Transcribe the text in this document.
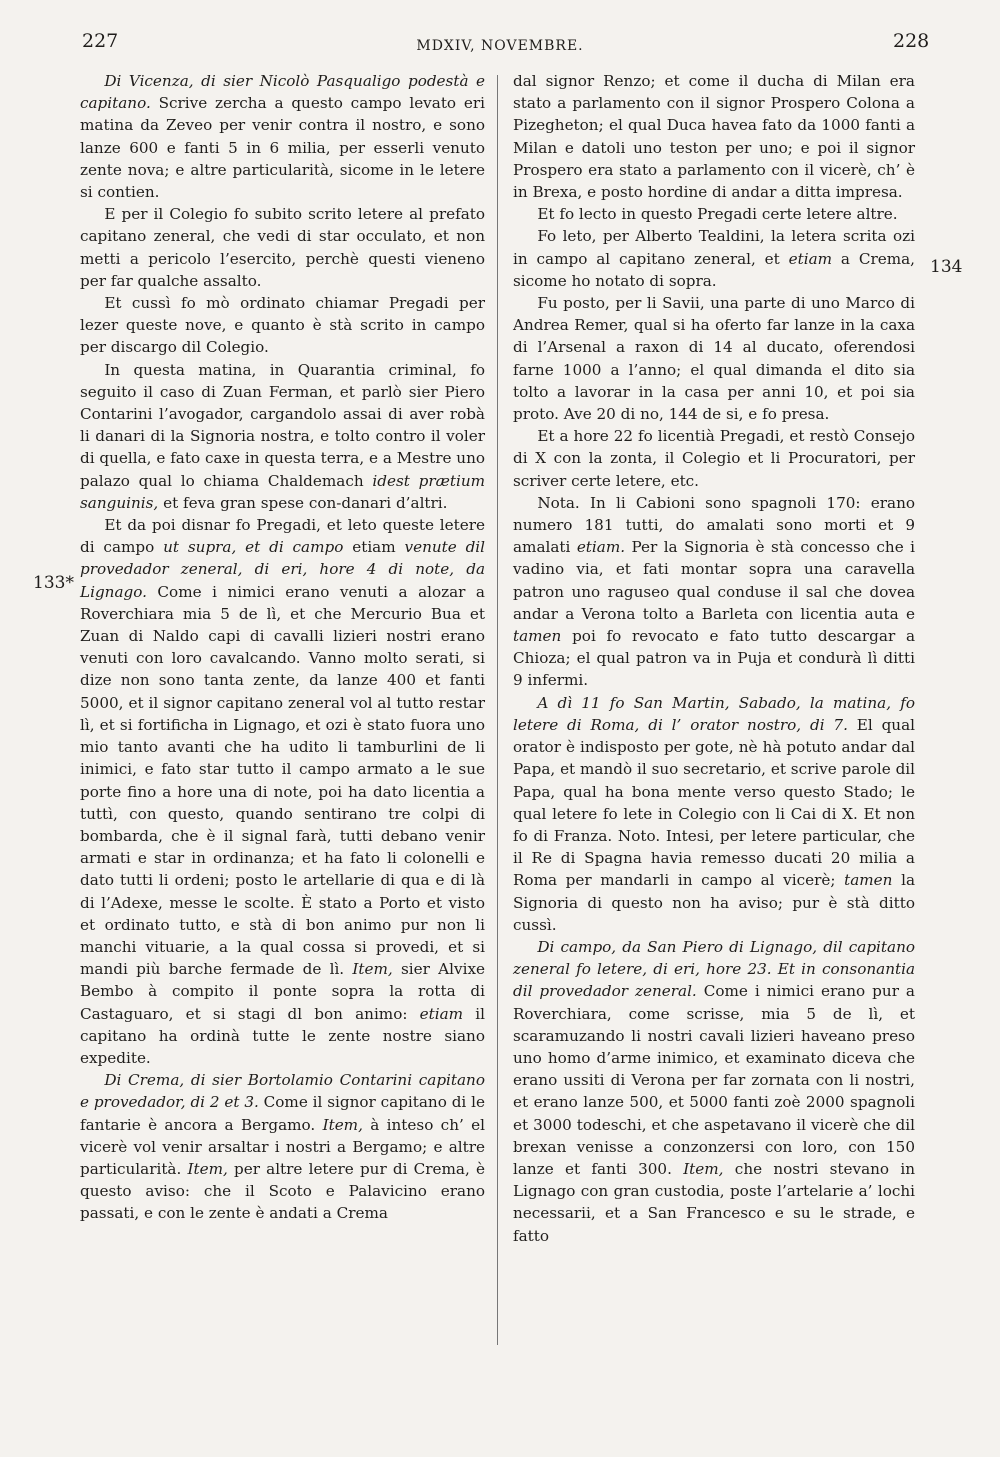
227	MDXIV, NOVEMBRE.	228
133*
134

Di Vicenza, di sier Nicolò Pasqualigo podestà e capitano. Scrive zercha a questo campo levato eri matina da Zeveo per venir contra il nostro, e sono lanze 600 e fanti 5 in 6 milia, per esserli venuto zente nova; e altre particularità, sicome in le letere si contien.

E per il Colegio fo subito scrito letere al prefato capitano zeneral, che vedi di star occulato, et non metti a pericolo l’esercito, perchè questi vieneno per far qualche assalto.

Et cussì fo mò ordinato chiamar Pregadi per lezer queste nove, e quanto è stà scrito in campo per discargo dil Colegio.

In questa matina, in Quarantia criminal, fo seguito il caso di Zuan Ferman, et parlò sier Piero Contarini l’avogador, cargandolo assai di aver robà li danari di la Signoria nostra, e tolto contro il voler di quella, e fato caxe in questa terra, e a Mestre uno palazo qual lo chiama Chaldemach idest prætium sanguinis, et feva gran spese con-danari d’altri.

Et da poi disnar fo Pregadi, et leto queste letere di campo ut supra, et di campo etiam venute dil provedador zeneral, di eri, hore 4 di note, da Lignago. Come i nimici erano venuti a alozar a Roverchiara mia 5 de lì, et che Mercurio Bua et Zuan di Naldo capi di cavalli lizieri nostri erano venuti con loro cavalcando. Vanno molto serati, si dize non sono tanta zente, da lanze 400 et fanti 5000, et il signor capitano zeneral vol al tutto restar lì, et si fortificha in Lignago, et ozi è stato fuora uno mio tanto avanti che ha udito li tamburlini de li inimici, e fato star tutto il campo armato a le sue porte fino a hore una di note, poi ha dato licentia a tuttì, con questo, quando sentirano tre colpi di bombarda, che è il signal farà, tutti debano venir armati e star in ordinanza; et ha fato li colonelli e dato tutti li ordeni; posto le artellarie di qua e di là di l’Adexe, messe le scolte. È stato a Porto et visto et ordinato tutto, e stà di bon animo pur non li manchi vituarie, a la qual cossa si provedi, et si mandi più barche fermade de lì. Item, sier Alvixe Bembo à compito il ponte sopra la rotta di Castaguaro, et si stagi dl bon animo: etiam il capitano ha ordinà tutte le zente nostre siano expedite.

Di Crema, di sier Bortolamio Contarini capitano e provedador, di 2 et 3. Come il signor capitano di le fantarie è ancora a Bergamo. Item, à inteso ch’ el vicerè vol venir arsaltar i nostri a Bergamo; e altre particularità. Item, per altre letere pur di Crema, è questo aviso: che il Scoto e Palavicino erano passati, e con le zente è andati a Crema

dal signor Renzo; et come il ducha di Milan era stato a parlamento con il signor Prospero Colona a Pizegheton; el qual Duca havea fato da 1000 fanti a Milan e datoli uno teston per uno; e poi il signor Prospero era stato a parlamento con il vicerè, ch’ è in Brexa, e posto hordine di andar a ditta impresa.

Et fo lecto in questo Pregadi certe letere altre.

Fo leto, per Alberto Tealdini, la letera scrita ozi in campo al capitano zeneral, et etiam a Crema, sicome ho notato di sopra.

Fu posto, per li Savii, una parte di uno Marco di Andrea Remer, qual si ha oferto far lanze in la caxa di l’Arsenal a raxon di 14 al ducato, oferendosi farne 1000 a l’anno; el qual dimanda el dito sia tolto a lavorar in la casa per anni 10, et poi sia proto. Ave 20 di no, 144 de si, e fo presa.

Et a hore 22 fo licentià Pregadi, et restò Consejo di X con la zonta, il Colegio et li Procuratori, per scriver certe letere, etc.

Nota. In li Cabioni sono spagnoli 170: erano numero 181 tutti, do amalati sono morti et 9 amalati etiam. Per la Signoria è stà concesso che i vadino via, et fati montar sopra una caravella patron uno raguseo qual conduse il sal che dovea andar a Verona tolto a Barleta con licentia auta e tamen poi fo revocato e fato tutto descargar a Chioza; el qual patron va in Puja et condurà lì ditti 9 infermi.

A dì 11 fo San Martin, Sabado, la matina, fo letere di Roma, di l’ orator nostro, di 7. El qual orator è indisposto per gote, nè hà potuto andar dal Papa, et mandò il suo secretario, et scrive parole dil Papa, qual ha bona mente verso questo Stado; le qual letere fo lete in Colegio con li Cai di X. Et non fo di Franza. Noto. Intesi, per letere particular, che il Re di Spagna havia remesso ducati 20 milia a Roma per mandarli in campo al vicerè; tamen la Signoria di questo non ha aviso; pur è stà ditto cussì.

Di campo, da San Piero di Lignago, dil capitano zeneral fo letere, di eri, hore 23. Et in consonantia dil provedador zeneral. Come i nimici erano pur a Roverchiara, come scrisse, mia 5 de lì, et scaramuzando li nostri cavali lizieri haveano preso uno homo d’arme inimico, et examinato diceva che erano ussiti di Verona per far zornata con li nostri, et erano lanze 500, et 5000 fanti zoè 2000 spagnoli et 3000 todeschi, et che aspetavano il vicerè che dil brexan venisse a conzonzersi con loro, con 150 lanze et fanti 300. Item, che nostri stevano in Lignago con gran custodia, poste l’artelarie a’ lochi necessarii, et a San Francesco e su le strade, e fatto
